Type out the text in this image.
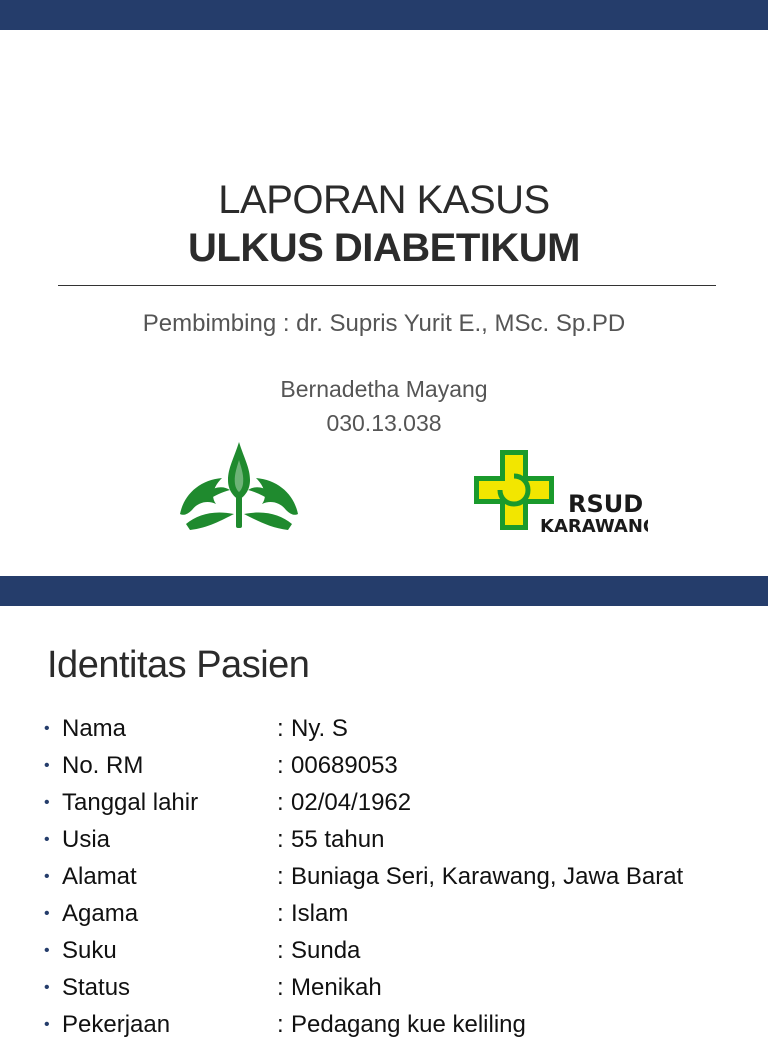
LAPORAN KASUS
ULKUS DIABETIKUM
Pembimbing : dr. Supris Yurit E., MSc. Sp.PD
Bernadetha Mayang
030.13.038
RSUD
KARAWANG
Identitas Pasien
• Nama	: Ny. S
• No. RM	: 00689053
• Tanggal lahir	: 02/04/1962
• Usia	: 55 tahun
• Alamat	: Buniaga Seri, Karawang, Jawa Barat
• Agama	: Islam
• Suku	: Sunda
• Status	: Menikah
• Pekerjaan	: Pedagang kue keliling
